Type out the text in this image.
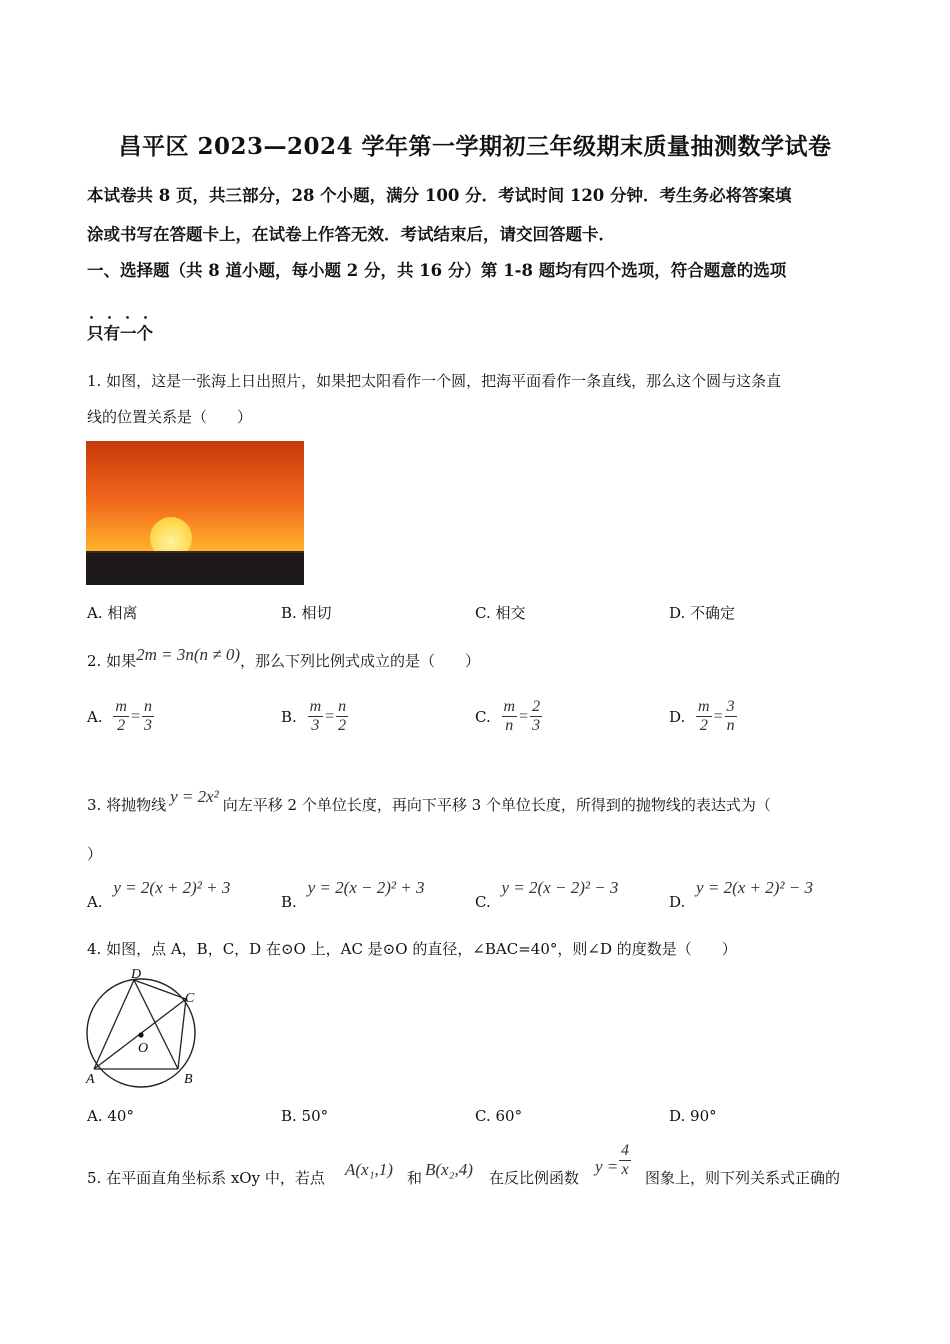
昌平区 2023—2024 学年第一学期初三年级期末质量抽测数学试卷
本试卷共 8 页，共三部分，28 个小题，满分 100 分．考试时间 120 分钟．考生务必将答案填
涂或书写在答题卡上，在试卷上作答无效．考试结束后，请交回答题卡．
一、选择题（共 8 道小题，每小题 2 分，共 16 分）第 1-8 题均有四个选项，符合题意的选项
．．．．
只有一个
1. 如图，这是一张海上日出照片，如果把太阳看作一个圆，把海平面看作一条直线，那么这个圆与这条直
线的位置关系是（　　）
A. 相离	B. 相切	C. 相交	D. 不确定
2. 如果2m = 3n(n ≠ 0)，那么下列比例式成立的是（　　）
A. $\frac{m}{2} = \frac{n}{3}$	B. $\frac{m}{3} = \frac{n}{2}$	C. $\frac{m}{n} = \frac{2}{3}$	D. $\frac{m}{2} = \frac{3}{n}$
3. 将抛物线 y = 2x² 向左平移 2 个单位长度，再向下平移 3 个单位长度，所得到的抛物线的表达式为（
）
A. y = 2(x + 2)² + 3
B. y = 2(x − 2)² + 3
C. y = 2(x − 2)² − 3
D. y = 2(x + 2)² − 3
4. 如图，点 A，B，C，D 在⊙O 上，AC 是⊙O 的直径，∠BAC=40°，则∠D 的度数是（　　）
D
C
O
A	B
A. 40°	B. 50°	C. 60°	D. 90°
5. 在平面直角坐标系 xOy 中，若点 A(x₁,1) 和 B(x₂,4) 在反比例函数
$y = \frac{4}{x}$ 图象上，则下列关系式正确的
